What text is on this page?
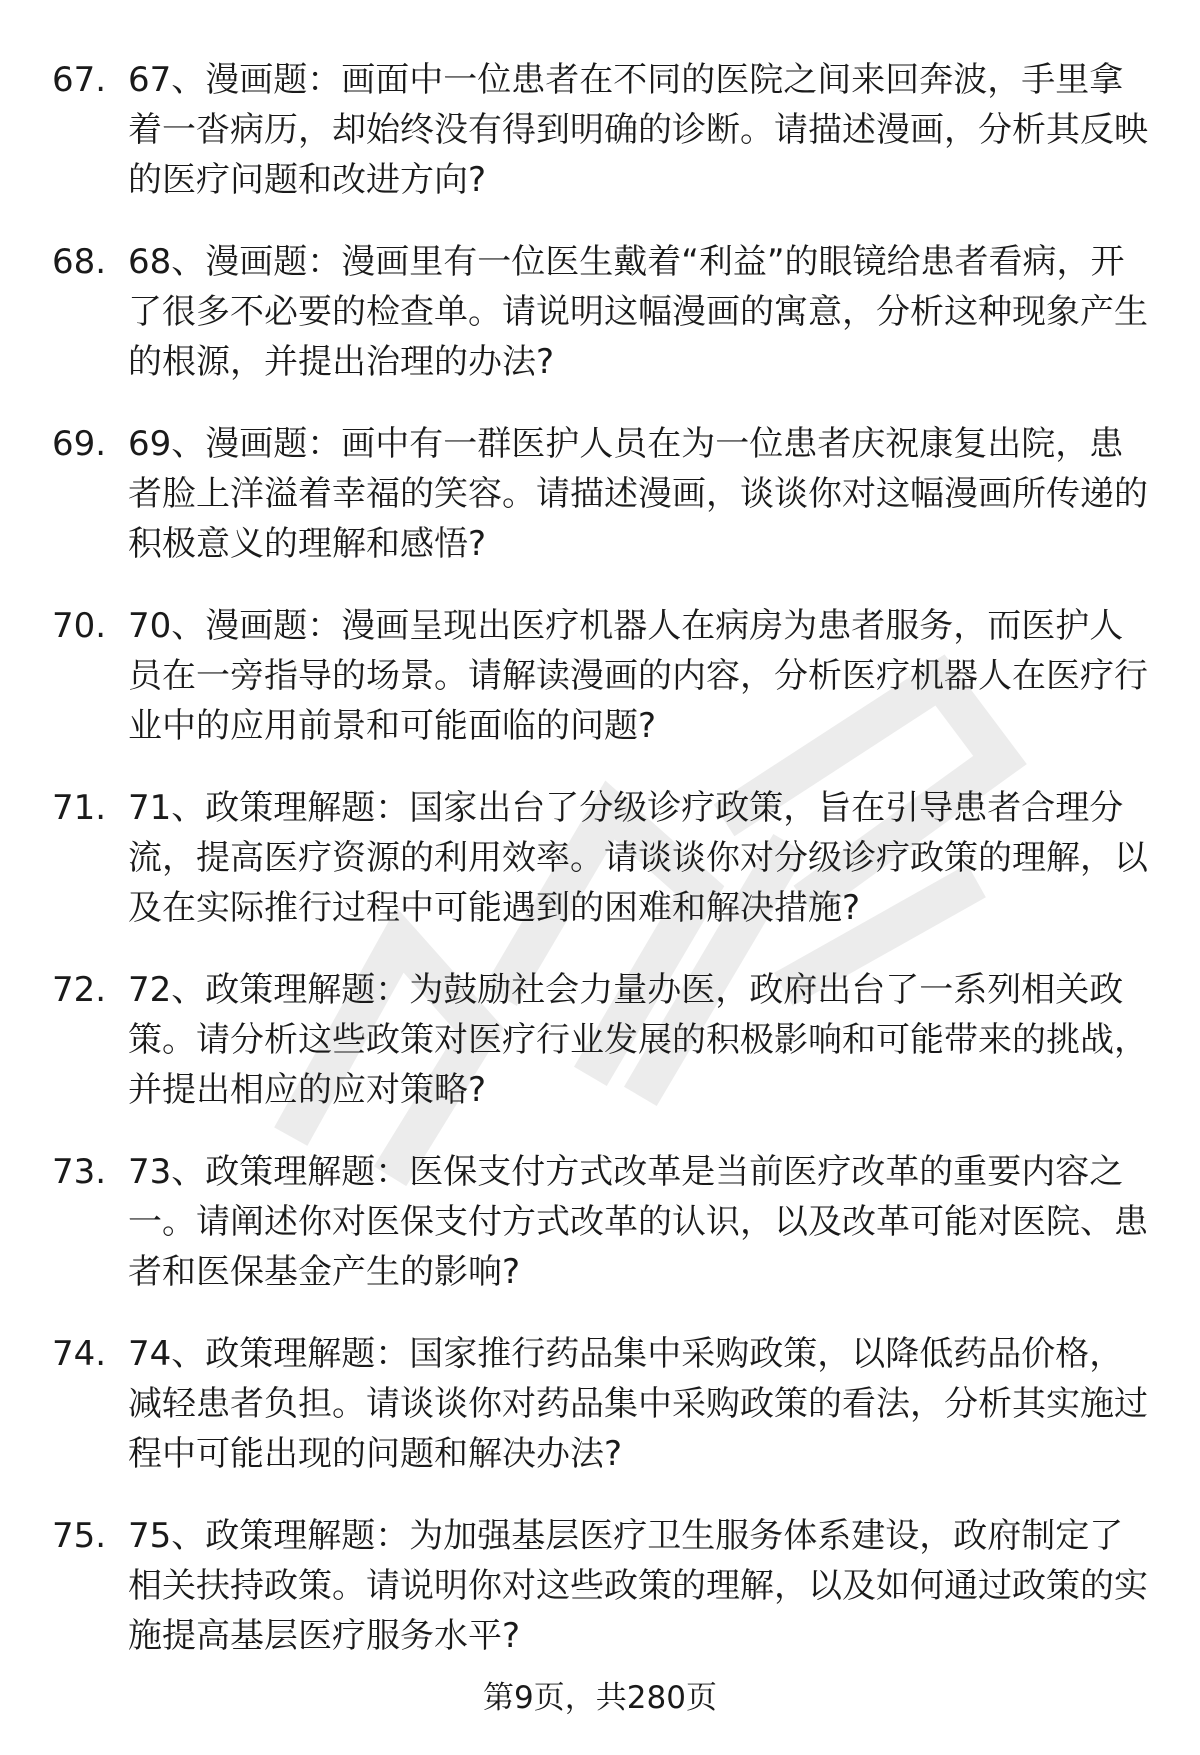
67. 67、漫画题：画面中一位患者在不同的医院之间来回奔波，手里拿着一沓病历，却始终没有得到明确的诊断。请描述漫画，分析其反映的医疗问题和改进方向?
68. 68、漫画题：漫画里有一位医生戴着“利益”的眼镜给患者看病，开了很多不必要的检查单。请说明这幅漫画的寓意，分析这种现象产生的根源，并提出治理的办法?
69. 69、漫画题：画中有一群医护人员在为一位患者庆祝康复出院，患者脸上洋溢着幸福的笑容。请描述漫画，谈谈你对这幅漫画所传递的积极意义的理解和感悟?
70. 70、漫画题：漫画呈现出医疗机器人在病房为患者服务，而医护人员在一旁指导的场景。请解读漫画的内容，分析医疗机器人在医疗行业中的应用前景和可能面临的问题?
71. 71、政策理解题：国家出台了分级诊疗政策，旨在引导患者合理分流，提高医疗资源的利用效率。请谈谈你对分级诊疗政策的理解，以及在实际推行过程中可能遇到的困难和解决措施?
72. 72、政策理解题：为鼓励社会力量办医，政府出台了一系列相关政策。请分析这些政策对医疗行业发展的积极影响和可能带来的挑战，并提出相应的应对策略?
73. 73、政策理解题：医保支付方式改革是当前医疗改革的重要内容之一。请阐述你对医保支付方式改革的认识，以及改革可能对医院、患者和医保基金产生的影响?
74. 74、政策理解题：国家推行药品集中采购政策，以降低药品价格，减轻患者负担。请谈谈你对药品集中采购政策的看法，分析其实施过程中可能出现的问题和解决办法?
75. 75、政策理解题：为加强基层医疗卫生服务体系建设，政府制定了相关扶持政策。请说明你对这些政策的理解，以及如何通过政策的实施提高基层医疗服务水平?
第9页，共280页
